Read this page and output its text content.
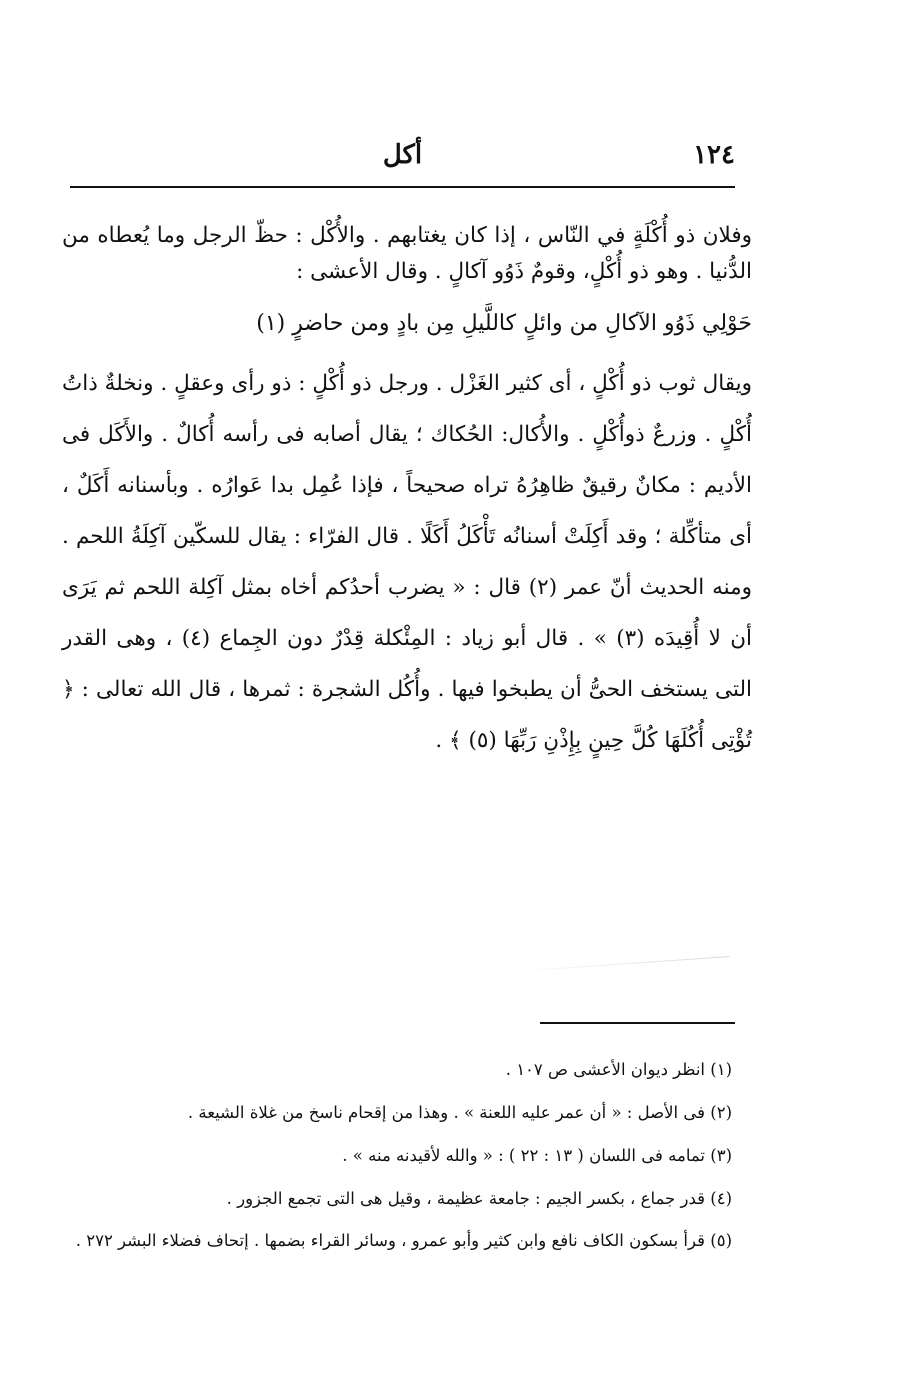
١٢٤
أكل

وفلان ذو أُكْلَةٍ في النّاس ، إذا كان يغتابهم . والأُكْل : حظّ الرجل وما يُعطاه من الدُّنيا . وهو ذو أُكْلٍ، وقومٌ ذَوُو آكالٍ . وقال الأعشى :

حَوْلِي ذَوُو الآكالِ من وائلٍ كاللَّيلِ مِن بادٍ ومن حاضرٍ (١)

ويقال ثوب ذو أُكْلٍ ، أى كثير الغَزْل . ورجل ذو أُكْلٍ : ذو رأى وعقلٍ . ونخلةٌ ذاتُ أُكْلٍ . وزرعٌ ذوأُكْلٍ . والأُكال: الحُكاك ؛ يقال أصابه فى رأسه أُكالٌ . والأَكَل فى الأديم : مكانٌ رقيقٌ ظاهِرُهُ تراه صحيحاً ، فإذا عُمِل بدا عَوارُه . وبأسنانه أَكَلٌ ، أى متأكِّلة ؛ وقد أَكِلَتْ أسنانُه تَأْكَلُ أَكَلًا . قال الفرّاء : يقال للسكّين آكِلَةُ اللحم . ومنه الحديث أنّ عمر (٢) قال : « يضرب أحدُكم أخاه بمثل آكِلة اللحم ثم يَرَى أن لا أُقِيدَه (٣) » . قال أبو زياد : المِئْكلة قِدْرٌ دون الجِماع (٤) ، وهى القدر التى يستخف الحىُّ أن يطبخوا فيها . وأُكُل الشجرة : ثمرها ، قال الله تعالى : ﴿ تُؤْتِى أُكُلَهَا كُلَّ حِينٍ بِإِذْنِ رَبِّهَا (٥) ﴾ .

(١) انظر ديوان الأعشى ص ١٠٧ .

(٢) فى الأصل : « أن عمر عليه اللعنة » . وهذا من إقحام ناسخ من غلاة الشيعة .

(٣) تمامه فى اللسان ( ١٣ : ٢٢ ) : « والله لأقيدنه منه » .

(٤) قدر جماع ، بكسر الجيم : جامعة عظيمة ، وقيل هى التى تجمع الجزور .

(٥) قرأ بسكون الكاف نافع وابن كثير وأبو عمرو ، وسائر القراء بضمها . إتحاف فضلاء البشر ٢٧٢ .
